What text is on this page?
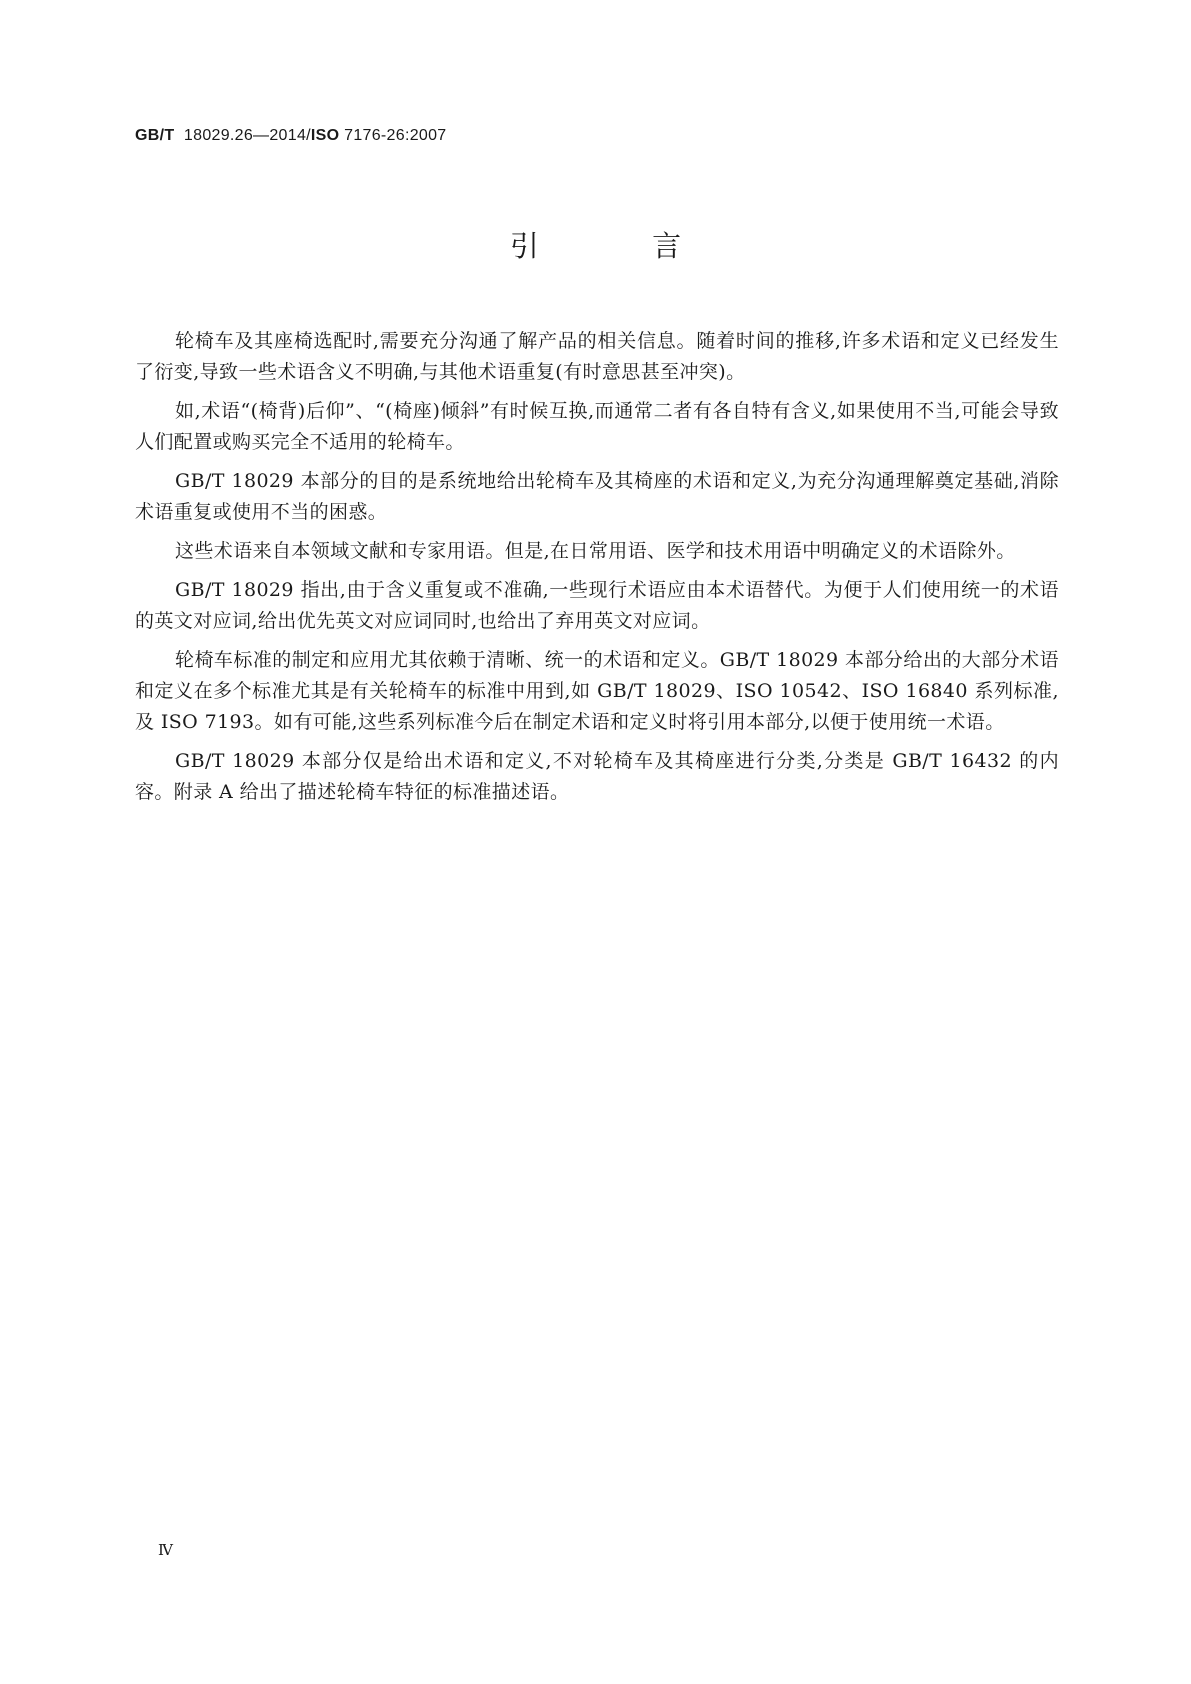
GB/T 18029.26—2014/ISO 7176-26:2007
引 言

轮椅车及其座椅选配时,需要充分沟通了解产品的相关信息。随着时间的推移,许多术语和定义已经发生了衍变,导致一些术语含义不明确,与其他术语重复(有时意思甚至冲突)。

如,术语“(椅背)后仰”、“(椅座)倾斜”有时候互换,而通常二者有各自特有含义,如果使用不当,可能会导致人们配置或购买完全不适用的轮椅车。

GB/T 18029 本部分的目的是系统地给出轮椅车及其椅座的术语和定义,为充分沟通理解奠定基础,消除术语重复或使用不当的困惑。

这些术语来自本领域文献和专家用语。但是,在日常用语、医学和技术用语中明确定义的术语除外。

GB/T 18029 指出,由于含义重复或不准确,一些现行术语应由本术语替代。为便于人们使用统一的术语的英文对应词,给出优先英文对应词同时,也给出了弃用英文对应词。

轮椅车标准的制定和应用尤其依赖于清晰、统一的术语和定义。GB/T 18029 本部分给出的大部分术语和定义在多个标准尤其是有关轮椅车的标准中用到,如 GB/T 18029、ISO 10542、ISO 16840 系列标准,及 ISO 7193。如有可能,这些系列标准今后在制定术语和定义时将引用本部分,以便于使用统一术语。

GB/T 18029 本部分仅是给出术语和定义,不对轮椅车及其椅座进行分类,分类是 GB/T 16432 的内容。附录 A 给出了描述轮椅车特征的标准描述语。

Ⅳ
